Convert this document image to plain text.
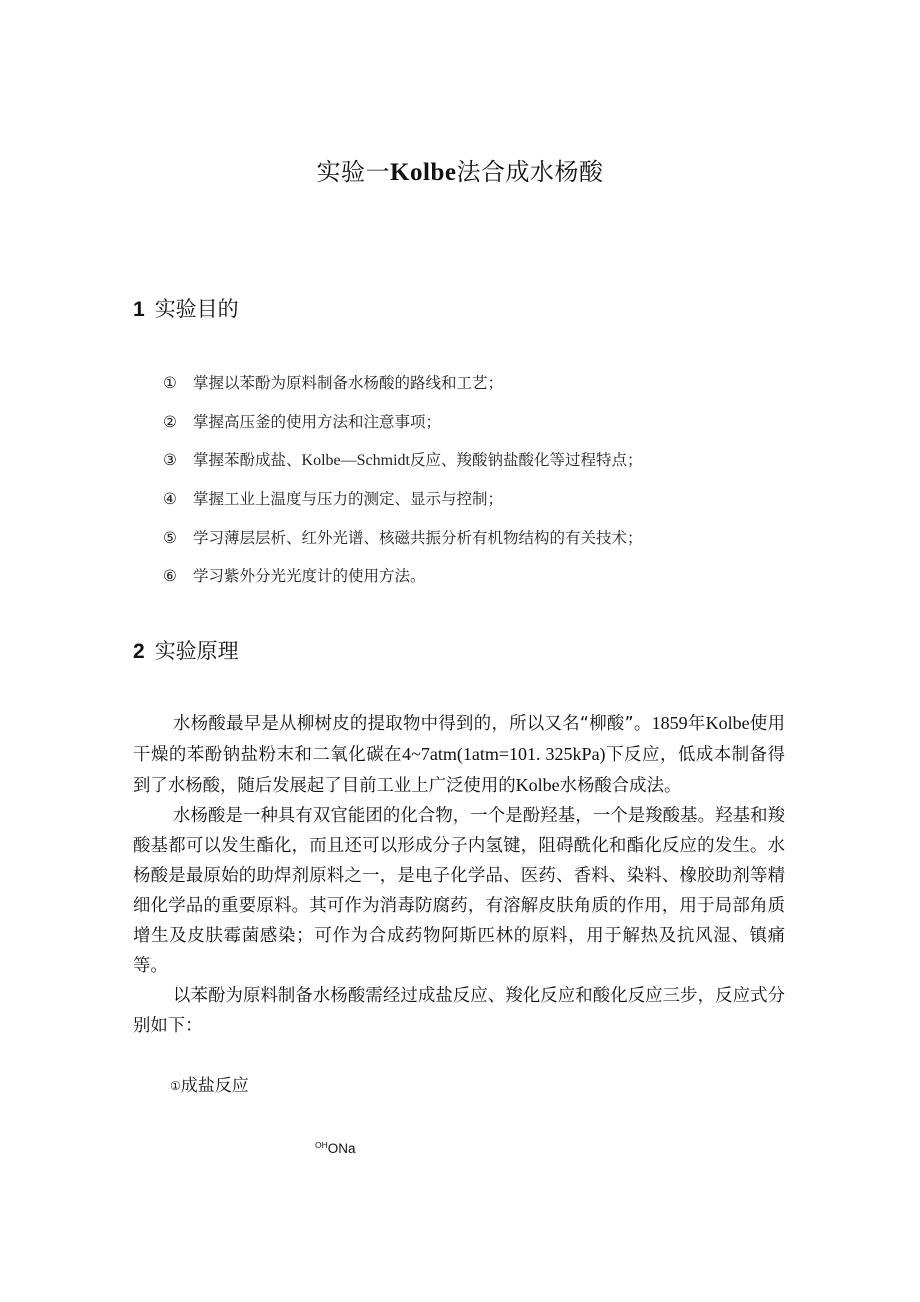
实验一Kolbe法合成水杨酸
1 实验目的
① 掌握以苯酚为原料制备水杨酸的路线和工艺；
② 掌握高压釜的使用方法和注意事项；
③ 掌握苯酚成盐、Kolbe—Schmidt反应、羧酸钠盐酸化等过程特点；
④ 掌握工业上温度与压力的测定、显示与控制；
⑤ 学习薄层层析、红外光谱、核磁共振分析有机物结构的有关技术；
⑥ 学习紫外分光光度计的使用方法。
2 实验原理

水杨酸最早是从柳树皮的提取物中得到的，所以又名“柳酸”。1859年Kolbe使用干燥的苯酚钠盐粉末和二氧化碳在4~7atm(1atm=101. 325kPa)下反应，低成本制备得到了水杨酸，随后发展起了目前工业上广泛使用的Kolbe水杨酸合成法。

水杨酸是一种具有双官能团的化合物，一个是酚羟基，一个是羧酸基。羟基和羧酸基都可以发生酯化，而且还可以形成分子内氢键，阻碍酰化和酯化反应的发生。水杨酸是最原始的助焊剂原料之一，是电子化学品、医药、香料、染料、橡胶助剂等精细化学品的重要原料。其可作为消毒防腐药，有溶解皮肤角质的作用，用于局部角质增生及皮肤霉菌感染；可作为合成药物阿斯匹林的原料，用于解热及抗风湿、镇痛等。

以苯酚为原料制备水杨酸需经过成盐反应、羧化反应和酸化反应三步，反应式分别如下：

①成盐反应
$^{OH}$ONa
